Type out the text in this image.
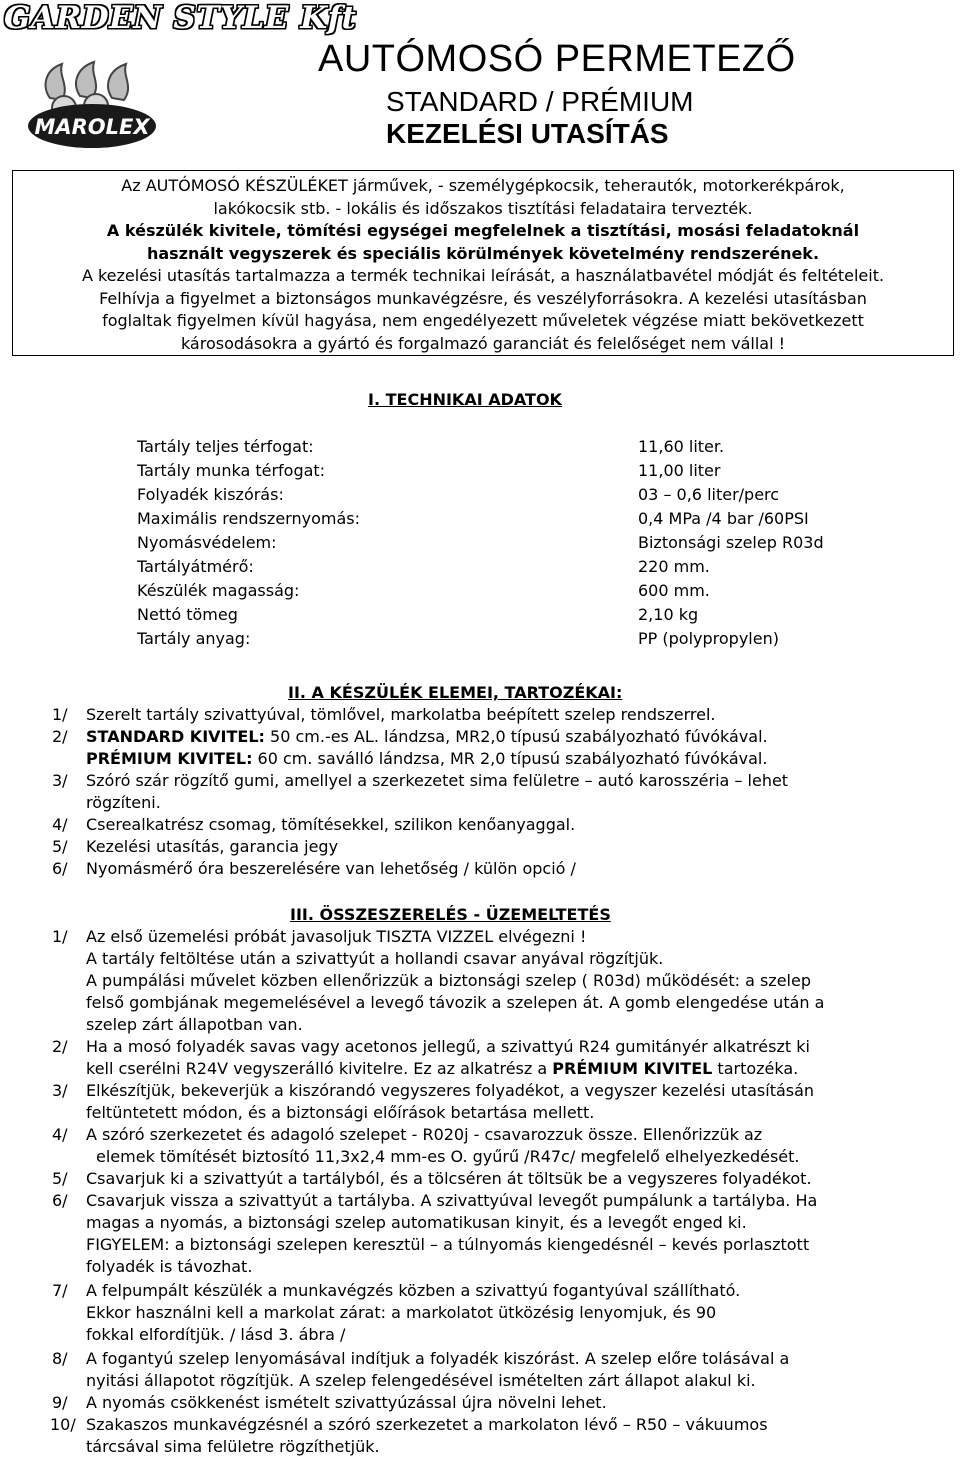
GARDEN STYLE Kft
MAROLEX
AUTÓMOSÓ PERMETEZŐ
STANDARD / PRÉMIUM
KEZELÉSI UTASÍTÁS
Az AUTÓMOSÓ KÉSZÜLÉKET járművek, - személygépkocsik, teherautók, motorkerékpárok,
lakókocsik stb. - lokális és időszakos tisztítási feladataira tervezték.
A készülék kivitele, tömítési egységei megfelelnek a tisztítási, mosási feladatoknál
használt vegyszerek és speciális körülmények követelmény rendszerének.
A kezelési utasítás tartalmazza a termék technikai leírását, a használatbavétel módját és feltételeit.
Felhívja a figyelmet a biztonságos munkavégzésre, és veszélyforrásokra. A kezelési utasításban
foglaltak figyelmen kívül hagyása, nem engedélyezett műveletek végzése miatt bekövetkezett
károsodásokra a gyártó és forgalmazó garanciát és felelőséget nem vállal !
I. TECHNIKAI ADATOK
Tartály teljes térfogat:	11,60 liter.
Tartály munka térfogat:	11,00 liter
Folyadék kiszórás:	03 – 0,6 liter/perc
Maximális rendszernyomás:	0,4 MPa /4 bar /60PSI
Nyomásvédelem:	Biztonsági szelep R03d
Tartályátmérő:	220 mm.
Készülék magasság:	600 mm.
Nettó tömeg	2,10 kg
Tartály anyag:	PP (polypropylen)
II. A KÉSZÜLÉK ELEMEI, TARTOZÉKAI:
1/ Szerelt tartály szivattyúval, tömlővel, markolatba beépített szelep rendszerrel.
2/ STANDARD KIVITEL: 50 cm.-es AL. lándzsa, MR2,0 típusú szabályozható fúvókával.
PRÉMIUM KIVITEL: 60 cm. saválló lándzsa, MR 2,0 típusú szabályozható fúvókával.
3/ Szóró szár rögzítő gumi, amellyel a szerkezetet sima felületre – autó karosszéria – lehet
rögzíteni.
4/ Cserealkatrész csomag, tömítésekkel, szilikon kenőanyaggal.
5/ Kezelési utasítás, garancia jegy
6/ Nyomásmérő óra beszerelésére van lehetőség / külön opció /
III. ÖSSZESZERELÉS - ÜZEMELTETÉS
1/ Az első üzemelési próbát javasoljuk TISZTA VIZZEL elvégezni !
A tartály feltöltése után a szivattyút a hollandi csavar anyával rögzítjük.
A pumpálási művelet közben ellenőrizzük a biztonsági szelep ( R03d) működését: a szelep
felső gombjának megemelésével a levegő távozik a szelepen át. A gomb elengedése után a
szelep zárt állapotban van.
2/ Ha a mosó folyadék savas vagy acetonos jellegű, a szivattyú R24 gumitányér alkatrészt ki
kell cserélni R24V vegyszerálló kivitelre. Ez az alkatrész a PRÉMIUM KIVITEL tartozéka.
3/ Elkészítjük, bekeverjük a kiszórandó vegyszeres folyadékot, a vegyszer kezelési utasításán
feltüntetett módon, és a biztonsági előírások betartása mellett.
4/ A szóró szerkezetet és adagoló szelepet - R020j - csavarozzuk össze. Ellenőrizzük az
elemek tömítését biztosító 11,3x2,4 mm-es O. gyűrű /R47c/ megfelelő elhelyezkedését.
5/ Csavarjuk ki a szivattyút a tartályból, és a tölcséren át töltsük be a vegyszeres folyadékot.
6/ Csavarjuk vissza a szivattyút a tartályba. A szivattyúval levegőt pumpálunk a tartályba. Ha
magas a nyomás, a biztonsági szelep automatikusan kinyit, és a levegőt enged ki.
FIGYELEM: a biztonsági szelepen keresztül – a túlnyomás kiengedésnél – kevés porlasztott
folyadék is távozhat.
7/ A felpumpált készülék a munkavégzés közben a szivattyú fogantyúval szállítható.
Ekkor használni kell a markolat zárat: a markolatot ütközésig lenyomjuk, és 90
fokkal elfordítjük. / lásd 3. ábra /
8/ A fogantyú szelep lenyomásával indítjuk a folyadék kiszórást. A szelep előre tolásával a
nyitási állapotot rögzítjük. A szelep felengedésével ismételten zárt állapot alakul ki.
9/ A nyomás csökkenést ismételt szivattyúzással újra növelni lehet.
10/ Szakaszos munkavégzésnél a szóró szerkezetet a markolaton lévő – R50 – vákuumos
tárcsával sima felületre rögzíthetjük.
